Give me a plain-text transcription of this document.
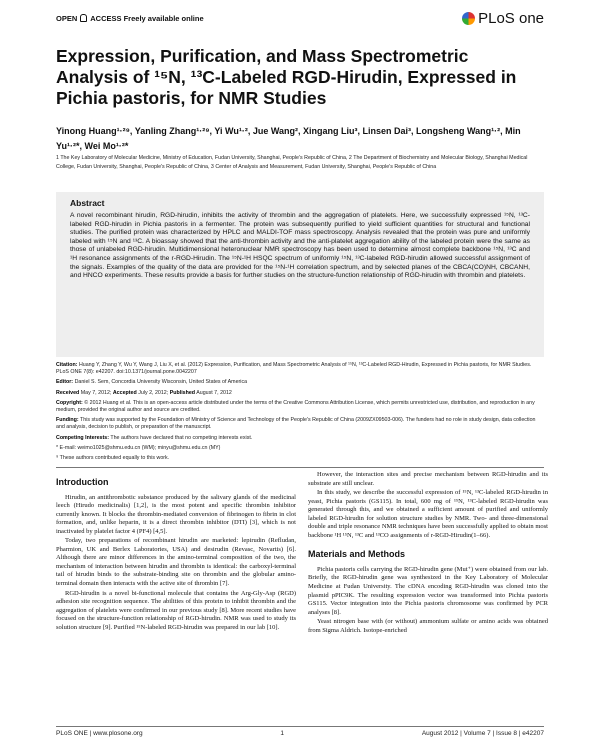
OPEN ACCESS Freely available online	PLoS one
Expression, Purification, and Mass Spectrometric Analysis of ¹⁵N, ¹³C-Labeled RGD-Hirudin, Expressed in Pichia pastoris, for NMR Studies
Yinong Huang¹·²⁹, Yanling Zhang¹·²⁹, Yi Wu¹·², Jue Wang², Xingang Liu³, Linsen Dai³, Longsheng Wang¹·², Min Yu¹·²*, Wei Mo¹·²*
1 The Key Laboratory of Molecular Medicine, Ministry of Education, Fudan University, Shanghai, People's Republic of China, 2 The Department of Biochemistry and Molecular Biology, Shanghai Medical College, Fudan University, Shanghai, People's Republic of China, 3 Center of Analysis and Measurement, Fudan University, Shanghai, People's Republic of China
Abstract

A novel recombinant hirudin, RGD-hirudin, inhibits the activity of thrombin and the aggregation of platelets. Here, we successfully expressed ¹⁵N, ¹³C-labeled RGD-hirudin in Pichia pastoris in a fermenter. The protein was subsequently purified to yield sufficient quantities for structural and functional studies. The purified protein was characterized by HPLC and MALDI-TOF mass spectroscopy. Analysis revealed that the protein was pure and uniformly labeled with ¹⁵N and ¹³C. A bioassay showed that the anti-thrombin activity and the anti-platelet aggregation ability of the labeled protein were the same as those of unlabeled RGD-hirudin. Multidimensional heteronuclear NMR spectroscopy has been used to determine almost complete backbone ¹⁵N, ¹³C and ¹H resonance assignments of the r-RGD-Hirudin. The ¹⁵N-¹H HSQC spectrum of uniformly ¹⁵N, ¹³C-labeled RGD-hirudin allowed successful assignment of the signals. Examples of the quality of the data are provided for the ¹⁵N-¹H correlation spectrum, and by selected planes of the CBCA(CO)NH, CBCANH, and HNCO experiments. These results provide a basis for further studies on the structure-function relationship of RGD-hirudin with thrombin and platelets.

Citation: Huang Y, Zhang Y, Wu Y, Wang J, Liu X, et al. (2012) Expression, Purification, and Mass Spectrometric Analysis of ¹⁵N, ¹³C-Labeled RGD-Hirudin, Expressed in Pichia pastoris, for NMR Studies. PLoS ONE 7(8): e42207. doi:10.1371/journal.pone.0042207

Editor: Daniel S. Sem, Concordia University Wisconsin, United States of America

Received May 7, 2012; Accepted July 2, 2012; Published August 7, 2012

Copyright: © 2012 Huang et al. This is an open-access article distributed under the terms of the Creative Commons Attribution License, which permits unrestricted use, distribution, and reproduction in any medium, provided the original author and source are credited.

Funding: This study was supported by the Foundation of Ministry of Science and Technology of the People's Republic of China (2009ZX09503-006). The funders had no role in study design, data collection and analysis, decision to publish, or preparation of the manuscript.

Competing Interests: The authors have declared that no competing interests exist.

* E-mail: weimo1025@shmu.edu.cn (WM); minyu@shmu.edu.cn (MY)

⁹ These authors contributed equally to this work.

Introduction

Hirudin, an antithrombotic substance produced by the salivary glands of the medicinal leech (Hirudo medicinalis) [1,2], is the most potent and specific thrombin inhibitor currently known. It blocks the thrombin-mediated conversion of fibrinogen to fibrin in clot formation, and, unlike heparin, it is a direct thrombin inhibitor (DTI) [3], which is not inactivated by platelet factor 4 (PF4) [4,5].

Today, two preparations of recombinant hirudin are marketed: lepirudin (Refludan, Pharmion, UK and Berlex Laboratories, USA) and desirudin (Revasc, Novartis) [6]. Although there are minor differences in the amino-terminal composition of the two, the mechanism of interaction between hirudin and thrombin is identical: the carboxyl-terminal tail of hirudin binds to the substrate-binding site on thrombin and the globular amino-terminal domain then interacts with the active site of thrombin [7].

RGD-hirudin is a novel bi-functional molecule that contains the Arg-Gly-Asp (RGD) adhesion site recognition sequence. The abilities of this protein to inhibit thrombin and the aggregation of platelets were confirmed in our previous study [8]. More recent studies have focused on the structure-function relationship of RGD-hirudin. NMR was used to study its solution structure [9]. Purified ¹⁵N-labeled RGD-hirudin was prepared in our lab [10].

However, the interaction sites and precise mechanism between RGD-hirudin and its substrate are still unclear.

In this study, we describe the successful expression of ¹⁵N, ¹³C-labeled RGD-hirudin in yeast, Pichia pastoris (GS115). In total, 600 mg of ¹⁵N, ¹³C-labeled RGD-hirudin was generated through this, and we obtained a sufficient amount of purified and uniformly labeled RGD-hirudin for solution structure studies by NMR. Two- and three-dimensional double and triple resonance NMR techniques have been successfully applied to obtain most backbone ¹H ¹⁵N, ¹³C and ¹³CO assignments of r-RGD-Hirudin(1–66).

Materials and Methods

Pichia pastoris cells carrying the RGD-hirudin gene (Mut⁺) were obtained from our lab. Briefly, the RGD-hirudin gene was synthesized in the Key Laboratory of Molecular Medicine at Fudan University. The cDNA encoding RGD-hirudin was cloned into the plasmid pPIC9K. The resulting expression vector was transformed into Pichia pastoris GS115. Vector integration into the Pichia pastoris chromosome was confirmed by PCR analyses [8].

Yeast nitrogen base with (or without) ammonium sulfate or amino acids was obtained from Sigma Aldrich. Isotope-enriched

PLoS ONE | www.plosone.org	1	August 2012 | Volume 7 | Issue 8 | e42207
